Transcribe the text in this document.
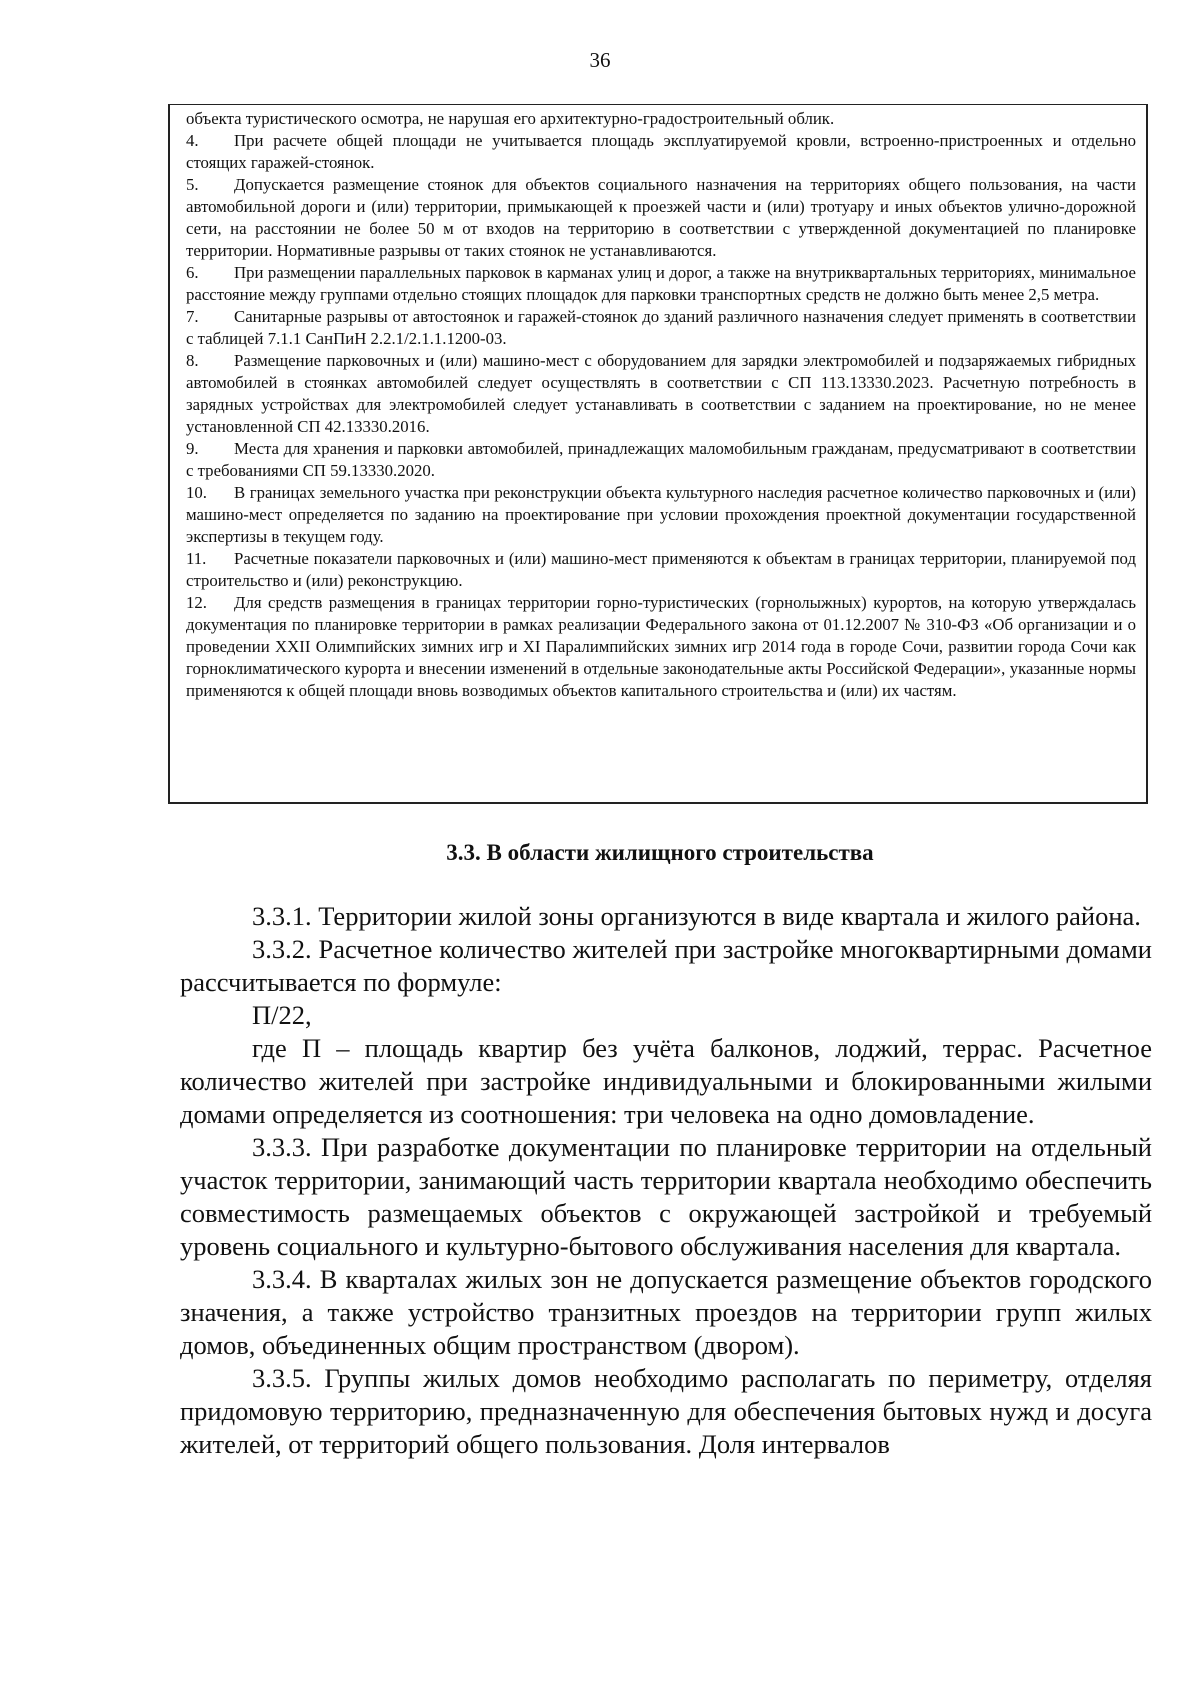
36

объекта туристического осмотра, не нарушая его архитектурно-градостроительный облик.

4. При расчете общей площади не учитывается площадь эксплуатируемой кровли, встроенно-пристроенных и отдельно стоящих гаражей-стоянок.

5. Допускается размещение стоянок для объектов социального назначения на территориях общего пользования, на части автомобильной дороги и (или) территории, примыкающей к проезжей части и (или) тротуару и иных объектов улично-дорожной сети, на расстоянии не более 50 м от входов на территорию в соответствии с утвержденной документацией по планировке территории. Нормативные разрывы от таких стоянок не устанавливаются.

6. При размещении параллельных парковок в карманах улиц и дорог, а также на внутриквартальных территориях, минимальное расстояние между группами отдельно стоящих площадок для парковки транспортных средств не должно быть менее 2,5 метра.

7. Санитарные разрывы от автостоянок и гаражей-стоянок до зданий различного назначения следует применять в соответствии с таблицей 7.1.1 СанПиН 2.2.1/2.1.1.1200-03.

8. Размещение парковочных и (или) машино-мест с оборудованием для зарядки электромобилей и подзаряжаемых гибридных автомобилей в стоянках автомобилей следует осуществлять в соответствии с СП 113.13330.2023. Расчетную потребность в зарядных устройствах для электромобилей следует устанавливать в соответствии с заданием на проектирование, но не менее установленной СП 42.13330.2016.

9. Места для хранения и парковки автомобилей, принадлежащих маломобильным гражданам, предусматривают в соответствии с требованиями СП 59.13330.2020.

10. В границах земельного участка при реконструкции объекта культурного наследия расчетное количество парковочных и (или) машино-мест определяется по заданию на проектирование при условии прохождения проектной документации государственной экспертизы в текущем году.

11. Расчетные показатели парковочных и (или) машино-мест применяются к объектам в границах территории, планируемой под строительство и (или) реконструкцию.

12. Для средств размещения в границах территории горно-туристических (горнолыжных) курортов, на которую утверждалась документация по планировке территории в рамках реализации Федерального закона от 01.12.2007 № 310-ФЗ «Об организации и о проведении XXII Олимпийских зимних игр и XI Паралимпийских зимних игр 2014 года в городе Сочи, развитии города Сочи как горноклиматического курорта и внесении изменений в отдельные законодательные акты Российской Федерации», указанные нормы применяются к общей площади вновь возводимых объектов капитального строительства и (или) их частям.

3.3. В области жилищного строительства

3.3.1. Территории жилой зоны организуются в виде квартала и жилого района.

3.3.2. Расчетное количество жителей при застройке многоквартирными домами рассчитывается по формуле:

П/22,

где П – площадь квартир без учёта балконов, лоджий, террас. Расчетное количество жителей при застройке индивидуальными и блокированными жилыми домами определяется из соотношения: три человека на одно домовладение.

3.3.3. При разработке документации по планировке территории на отдельный участок территории, занимающий часть территории квартала необходимо обеспечить совместимость размещаемых объектов с окружающей застройкой и требуемый уровень социального и культурно-бытового обслуживания населения для квартала.

3.3.4. В кварталах жилых зон не допускается размещение объектов городского значения, а также устройство транзитных проездов на территории групп жилых домов, объединенных общим пространством (двором).

3.3.5. Группы жилых домов необходимо располагать по периметру, отделяя придомовую территорию, предназначенную для обеспечения бытовых нужд и досуга жителей, от территорий общего пользования. Доля интервалов
